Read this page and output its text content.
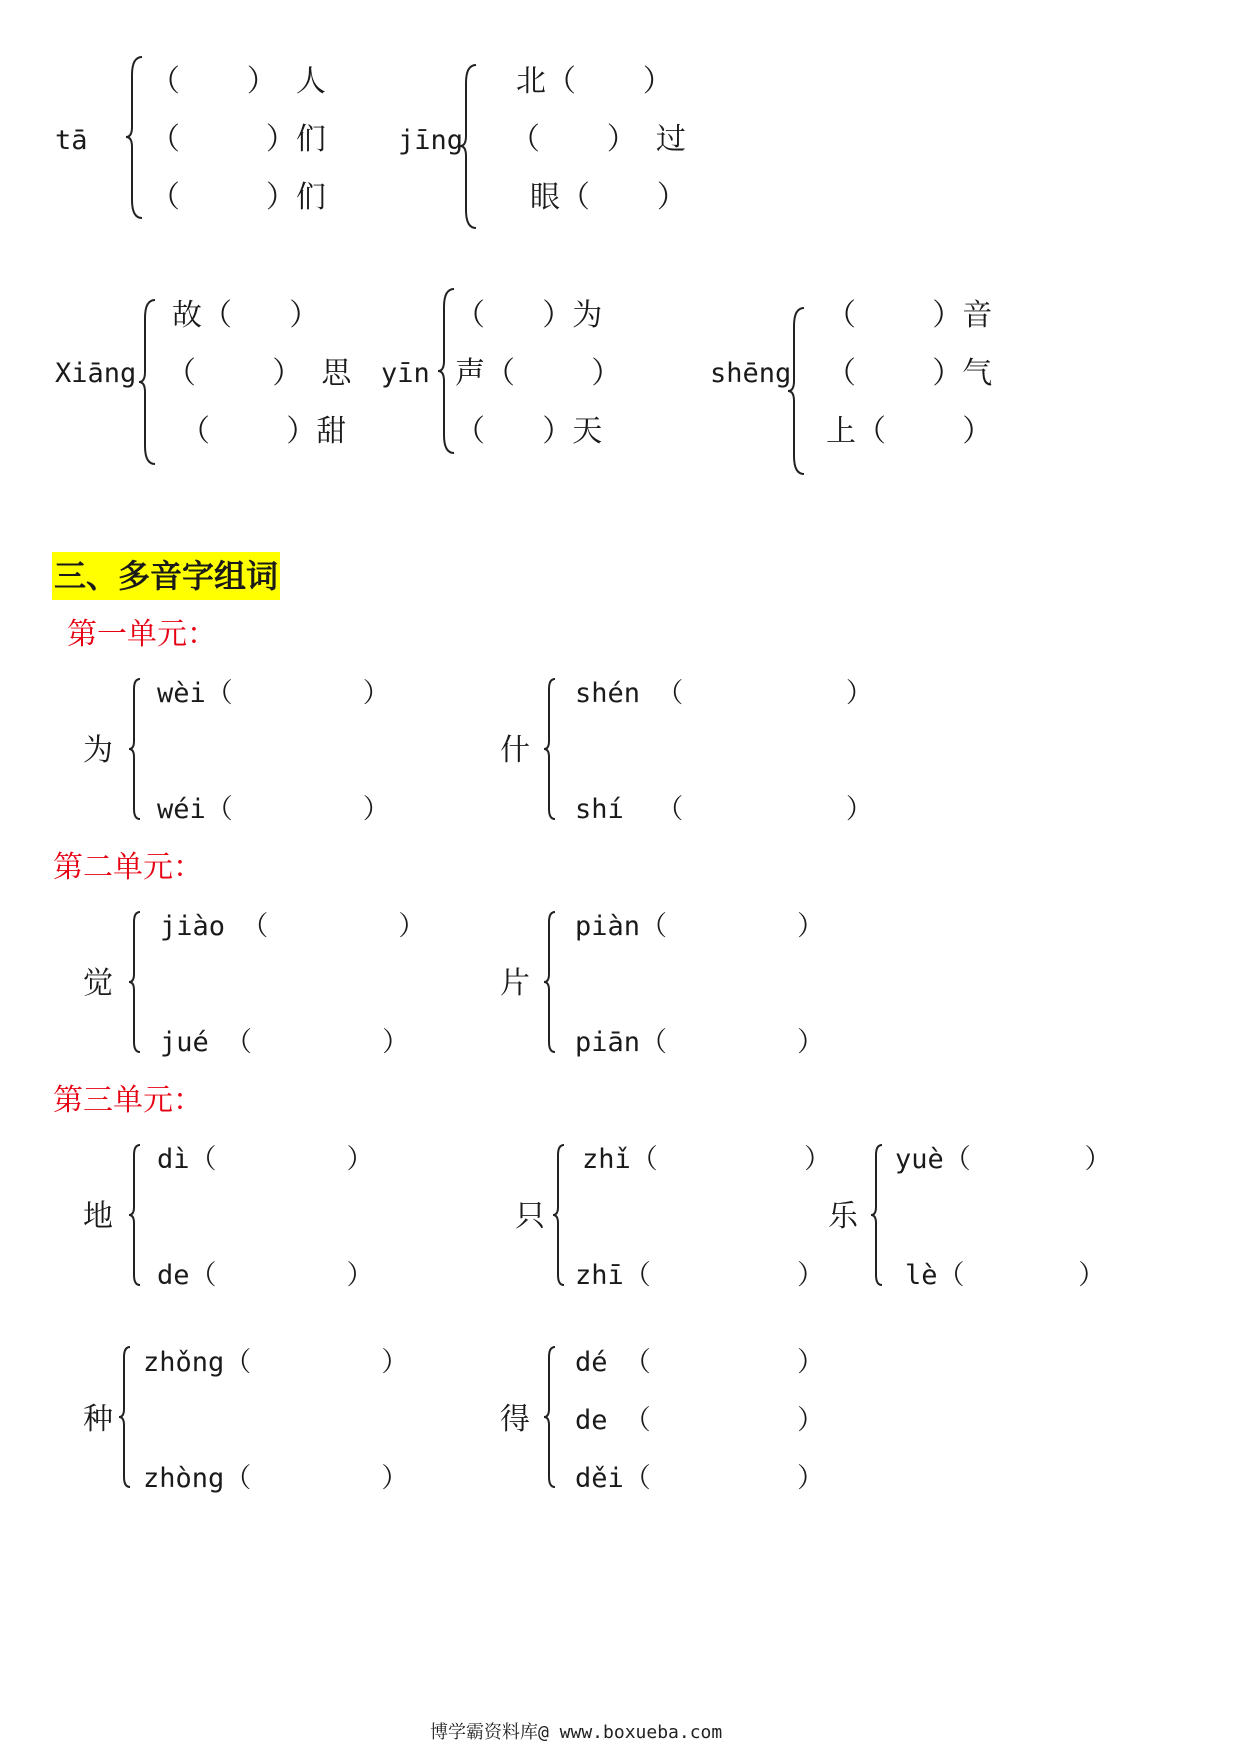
tā
（       ）  人
（         ）们
（         ）们
jīng
北（       ）
（       ）  过
眼（       ）
Xiāng
故（      ）
（        ）  思
（        ）甜
yīn
（      ）为
声（        ）
（      ）天
shēng
（        ）音
（        ）气
上（        ）
三、多音字组词
第一单元：
为
wèi（        ）
wéi（        ）
什
shén （          ）
shí  （          ）
第二单元：
觉
jiào （        ）
jué （        ）
片
piàn（        ）
piān（        ）
第三单元：
地
dì（        ）
de（        ）
只
zhǐ（         ）
zhī（         ）
乐
yuè（       ）
lè（       ）
种
zhǒng（        ）
zhòng（        ）
得
dé （         ）
de （         ）
děi（         ）
博学霸资料库@ www.boxueba.com
